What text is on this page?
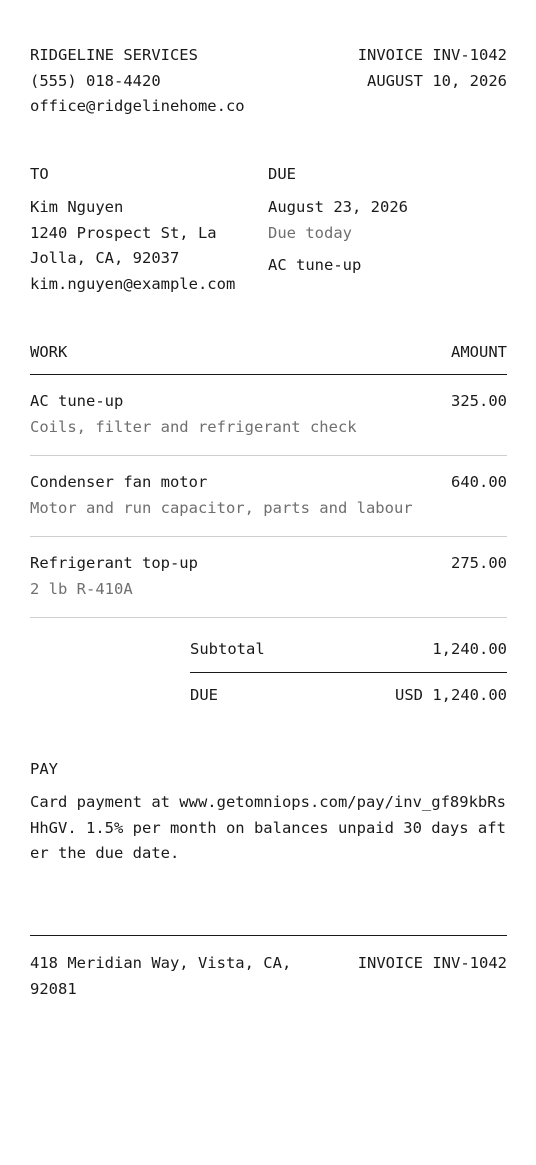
RIDGELINE SERVICES
(555) 018-4420
office@ridgelinehome.co
INVOICE INV-1042
AUGUST 10, 2026
TO
Kim Nguyen
1240 Prospect St, La Jolla, CA, 92037
kim.nguyen@example.com
DUE
August 23, 2026
Due today
AC tune-up
WORK	AMOUNT
AC tune-up	325.00
Coils, filter and refrigerant check
Condenser fan motor	640.00
Motor and run capacitor, parts and labour
Refrigerant top-up	275.00
2 lb R-410A
Subtotal	1,240.00
DUE	USD 1,240.00
PAY
Card payment at www.getomniops.com/pay/inv_gf89kbRsHhGV. 1.5% per month on balances unpaid 30 days after the due date.
418 Meridian Way, Vista, CA, 92081
INVOICE INV-1042
